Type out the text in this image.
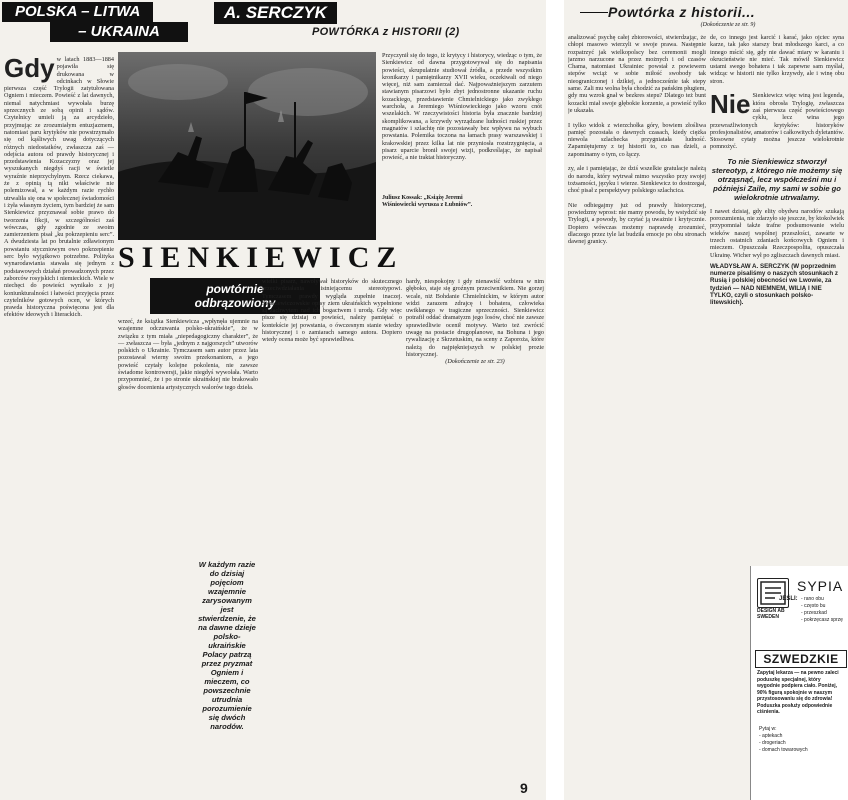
POLSKA – LITWA
– UKRAINA
A. SERCZYK
POWTÓRKA z HISTORII (2)
Gdy w latach 1883—1884 pojawiła się drukowana w odcinkach w Słowie pierwsza część Trylogii zatytułowana Ogniem i mieczem. Powieść z lat dawnych, niemal natychmiast wywołała burzę sprzecznych ze sobą opinii i sądów. Czytelnicy umieli ją za arcydzieło, przyjmując ze zrozumiałym entuzjazmem, natomiast paru krytyków nie powstrzymało się od kąśliwych uwag dotyczących różnych niedostatków, zwłaszcza zaś — odejścia autora od prawdy historycznej i przedstawienia Kozaczyzny oraz jej wyszukanych niegdyś racji w świetle wyraźnie nieprzychylnym. Rzecz ciekawa, że z opinią tą nikt właściwie nie polemizował, a w każdym razie rychło utrwaliła się ona w społecznej świadomości i żyła własnym życiem, tym bardziej że sam Sienkiewicz przyznawał sobie prawo do tworzenia fikcji, w szczególności zaś wówczas, gdy zgodnie ze swoim zamierzeniem pisał „ku pokrzepieniu serc”. A dwudziesta lat po brutalnie zdławionym powstaniu styczniowym owo pokrzepienie serc było wyjątkowo potrzebne. Polityka wynarodawiania stawała się jednym z podstawowych działań prowadzonych przez zaborców rosyjskich i niemieckich. Wiele w niechęci do powieści wynikało z jej koniunkturalności i łatwości przyjęcia przez czytelników gotowych ocen, w których prawda historyczna poświęcona jest dla efektów ideowych i literackich.
Juliusz Kossak: „Książę Jeremi Wiśniowiecki wyrusza z Łubniów”.
Przyczynił się do tego, iż krytycy i historycy, wiedząc o tym, że Sienkiewicz od dawna przygotowywał się do napisania powieści, skrupulatnie studiował źródła, a przede wszystkim kronikarzy i pamiętnikarzy XVII wieku, oczekiwali od niego więcej, niż sam zamierzał dać. Najpoważniejszym zarzutem stawianym pisarzowi było zbyt jednostronne ukazanie ruchu kozackiego, przedstawienie Chmielnickiego jako zwykłego warchoła, a Jeremiego Wiśniowieckiego jako wzoru cnót wszelakich. W rzeczywistości historia była znacznie bardziej skomplikowana, a krzywdy wyrządzane ludności ruskiej przez magnatów i szlachtę nie pozostawały bez wpływu na wybuch powstania. Polemika toczona na łamach prasy warszawskiej i krakowskiej przez kilka lat nie przyniosła rozstrzygnięcia, a pisarz uparcie bronił swojej wizji, podkreślając, że napisał powieść, a nie traktat historyczny.
SIENKIEWICZ
powtórnie
odbrązowiony
wrzeć, że książka Sienkiewicza „wpłynęła ujemnie na wzajemne odczuwania polsko-ukraińskie”, że w związku z tym miała „niepedagogiczny charakter”, że — zwłaszcza — była „jednym z najgorszych” utworów polskich o Ukrainie. Tymczasem sam autor przez lata pozostawał wierny swoim przekonaniom, a jego powieść czytały kolejne pokolenia, nie zawsze świadome kontrowersji, jakie niegdyś wywołała. Warto przypomnieć, że i po stronie ukraińskiej nie brakowało głosów docenienia artystycznych walorów tego dzieła.
W każdym razie do dzisiaj pojęciom wzajemnie zarysowanym jest stwierdzenie, że na dawne dzieje polsko-ukraińskie Polacy patrzą przez pryzmat Ogniem i mieczem, co powszechnie utrudnia porozumienie się dwóch narodów.
wielki pisarz, nawoływał historyków do skutecznego przeciwdziałania istniejącemu stereotypowi. Tymczasem prawdy wygląda zupełnie inaczej. Sienkiewiczowskie opisy ziem ukraińskich wypełnione są zachwytem nad ich bogactwem i urodą. Gdy więc pisze się dzisiaj o powieści, należy pamiętać o kontekście jej powstania, o ówczesnym stanie wiedzy historycznej i o zamiarach samego autora. Dopiero wtedy ocena może być sprawiedliwa.
hardy, niespokojny i gdy nienawiść wzbiera w nim głęboko, staje się groźnym przeciwnikiem. Nie gorzej wcale, niż Bohdanie Chmielnickim, w którym autor widzi zarazem zdrajcę i bohatera, człowieka uwikłanego w tragiczne sprzeczności. Sienkiewicz potrafił oddać dramatyzm jego losów, choć nie zawsze sprawiedliwie ocenił motywy. Warto też zwrócić uwagę na postacie drugoplanowe, na Bohuna i jego rywalizację z Skrzetuskim, na sceny z Zaporoża, które należą do najpiękniejszych w polskiej prozie historycznej.
(Dokończenie ze str. 23)
9
Powtórka z historii...
(Dokończenie ze str. 9)
analizować psychę całej zbiorowości, stwierdzając, że chłopi masowo wierzyli w swoje prawa. Następnie rozpatrzyć jak wielkopolscy bez ceremonii mogli jarzmo narzucone na przez możnych i od czasów Chama, natomiast Ukrainiec powstał z powiewem stepów wciąż w sobie miłość swobody tak nieograniczonej i dzikiej, a jednocześnie tak stepy same. Zali mu wolna była chodzić za pańskim pługiem, gdy mu wzrok gnał w bezkres stepu? Dlatego też bunt kozacki miał swoje głębokie korzenie, a powieść tylko je ukazała.

I tylko widok z wierzchołka góry, bowiem złośliwa pamięć pozostała o dawnych czasach, kiedy ciężka niewola szlachecka przygniatała ludność. Zapamiętujemy z tej historii to, co nas dzieli, a zapominamy o tym, co łączy.

zy, ale i pamiętając, że dziś wszelkie gratulacje należą do narodu, który wytrwał mimo wszystko przy swojej tożsamości, języku i wierze. Sienkiewicz to dostrzegał, choć pisał z perspektywy polskiego szlachcica.

Nie odbiegajmy już od prawdy historycznej, powiedzmy wprost: nie mamy powodu, by wstydzić się Trylogii, a powody, by czytać ją uważnie i krytycznie. Dopiero wówczas możemy naprawdę zrozumieć, dlaczego przez tyle lat budziła emocje po obu stronach dawnej granicy.
de, co innego jest karcić i karać, jako ojciec syna karze, tak jako starszy brat młodszego karci, a co innego mścić się, gdy nie dawać miary w karaniu i okrucieństwie nie mieć. Tak mówił Sienkiewicz ustami swego bohatera i tak zapewne sam myślał, widząc w historii nie tylko krzywdy, ale i winę obu stron.

Nie Sienkiewicz więc winą jest legenda, która obrosła Trylogię, zwłaszcza zaś pierwsza część powieściowego cyklu, lecz wina jego przewrażliwionych krytyków: historyków profesjonalistów, amatorów i całkowitych dyletantów. Stosowne cytaty można jeszcze wielokrotnie pomnożyć.
To nie Sienkiewicz stworzył stereotyp, z którego nie możemy się otrząsnąć, lecz współcześni mu i późniejsi Zaile, my sami w sobie go wielokrotnie utrwalamy.
I nawet dzisiaj, gdy elity obydwu narodów szukają porozumienia, nie zdarzyło się jeszcze, by ktokolwiek przypomniał także trafne podsumowanie wielu wieków naszej wspólnej przeszłości, zawarte w trzech ostatnich zdaniach końcowych Ogniem i mieczem. Opuszczała Rzeczpospolita, opuszczała Ukrainę. Wicher wył po zgliszczach dawnych miast.
WŁADYSŁAW A. SERCZYK (W poprzednim numerze pisaliśmy o naszych stosunkach z Rusią i polskiej obecności we Lwowie, za tydzień — NAD NIEMNEM, WILIĄ I NIE TYLKO, czyli o stosunkach polsko-litewskich).
DESIGN AB SWEDEN
SYPIA
JEŚLI: - rano obu
- często bu
- przeszkad
- pokrzęcasz sprzę
SZWEDZKIE
Zapytaj lekarza — na pewno zaleci poduszkę specjalnej, który wygodnie podpiera ciało. Poniżej, 90% figurą spokojnie w naszym przystosowaniu się do zdrowia! Poduszka posłuży odpowiednie ciśnienia.
Pytaj w:
- aptekach
- drogeriach
- domach towarowych
